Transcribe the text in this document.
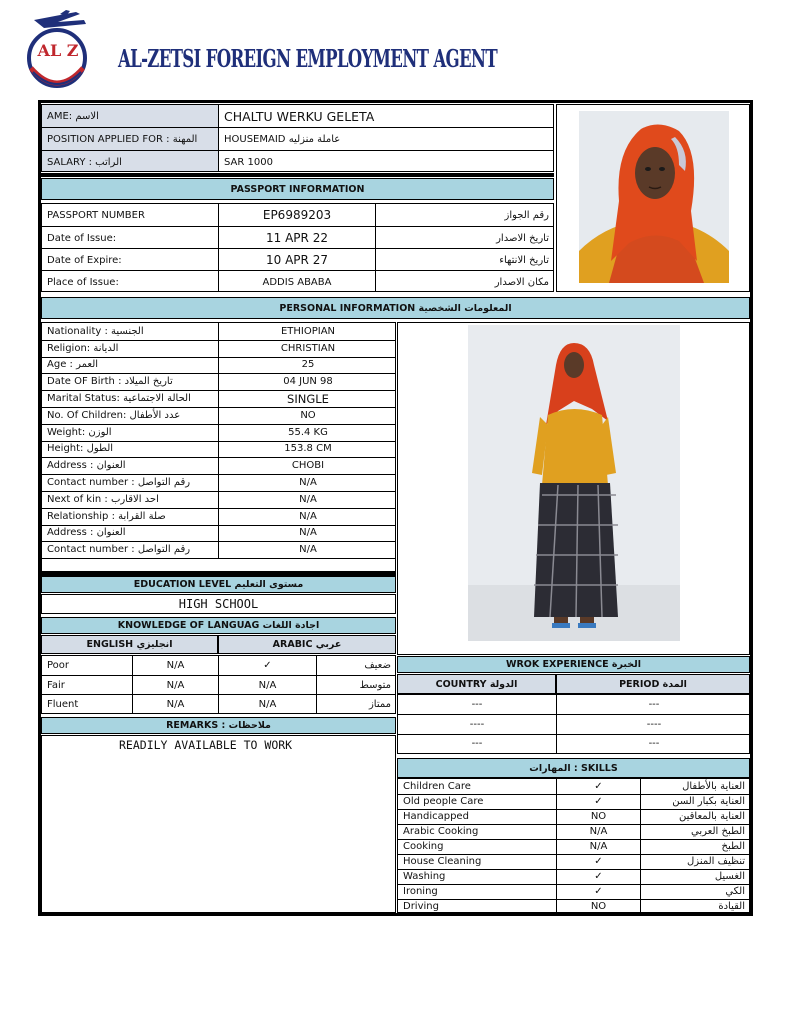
AL Z AL-ZETSI FOREIGN EMPLOYMENT AGENT
AME: الاسم	CHALTU WERKU GELETA
POSITION APPLIED FOR : المهنة	HOUSEMAID عاملة منزليه
SALARY : الراتب	SAR 1000
PASSPORT INFORMATION
PASSPORT NUMBER	EP6989203	رقم الجواز
Date of Issue:	11 APR 22	تاريخ الاصدار
Date of Expire:	10 APR 27	تاريخ الانتهاء
Place of Issue:	ADDIS ABABA	مكان الاصدار
PERSONAL INFORMATION المعلومات الشخصية
Nationality : الجنسية	ETHIOPIAN
Religion: الديانة	CHRISTIAN
Age : العمر	25
Date OF Birth : تاريخ الميلاد	04 JUN 98
Marital Status: الحالة الاجتماعية	SINGLE
No. Of Children: عدد الأطفال	NO
Weight: الوزن	55.4 KG
Height: الطول	153.8 CM
Address : العنوان	CHOBI
Contact number : رقم التواصل	N/A
Next of kin : احد الاقارب	N/A
Relationship : صلة القرابة	N/A
Address : العنوان	N/A
Contact number : رقم التواصل	N/A
EDUCATION LEVEL مستوى التعليم
HIGH SCHOOL
KNOWLEDGE OF LANGUAG اجادة اللغات
ENGLISH انجليزي	ARABIC عربي
Poor	N/A	✓	ضعيف
Fair	N/A	N/A	متوسط
Fluent	N/A	N/A	ممتاز
REMARKS : ملاحظات
READILY AVAILABLE TO WORK
WROK EXPERIENCE الخبرة
COUNTRY الدولة	PERIOD المدة
---	---
----	----
---	---
المهارات : SKILLS
Children Care	✓	العناية بالأطفال
Old people Care	✓	العناية بكبار السن
Handicapped	NO	العناية بالمعاقين
Arabic Cooking	N/A	الطبخ العربي
Cooking	N/A	الطبخ
House Cleaning	✓	تنظيف المنزل
Washing	✓	الغسيل
Ironing	✓	الكي
Driving	NO	القيادة
